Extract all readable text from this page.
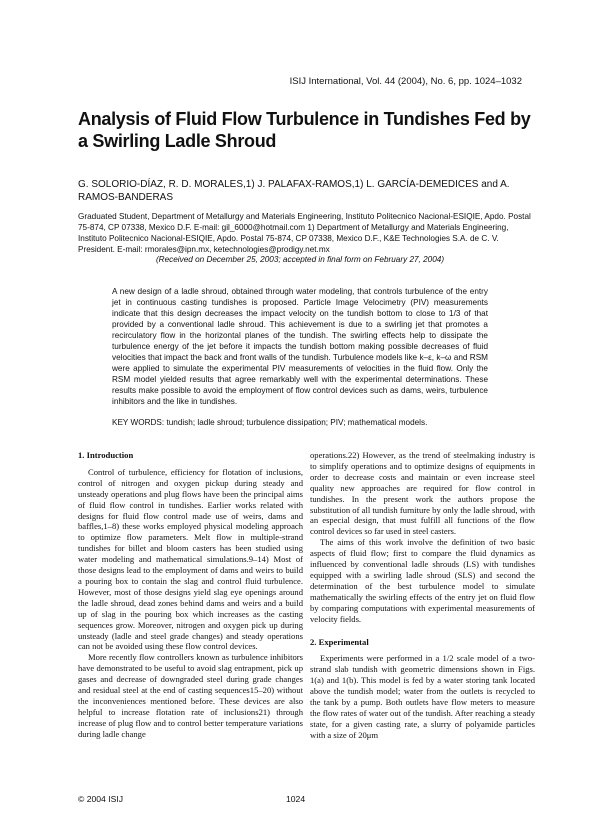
ISIJ International, Vol. 44 (2004), No. 6, pp. 1024–1032
Analysis of Fluid Flow Turbulence in Tundishes Fed by a Swirling Ladle Shroud
G. SOLORIO-DÍAZ, R. D. MORALES,1) J. PALAFAX-RAMOS,1) L. GARCÍA-DEMEDICES and A. RAMOS-BANDERAS
Graduated Student, Department of Metallurgy and Materials Engineering, Instituto Politecnico Nacional-ESIQIE, Apdo. Postal 75-874, CP 07338, Mexico D.F. E-mail: gil_6000@hotmail.com 1) Department of Metallurgy and Materials Engineering, Instituto Politecnico Nacional-ESIQIE, Apdo. Postal 75-874, CP 07338, Mexico D.F., K&E Technologies S.A. de C. V. President. E-mail: rmorales@ipn.mx, ketechnologies@prodigy.net.mx
(Received on December 25, 2003; accepted in final form on February 27, 2004)
A new design of a ladle shroud, obtained through water modeling, that controls turbulence of the entry jet in continuous casting tundishes is proposed. Particle Image Velocimetry (PIV) measurements indicate that this design decreases the impact velocity on the tundish bottom to close to 1/3 of that provided by a conventional ladle shroud. This achievement is due to a swirling jet that promotes a recirculatory flow in the horizontal planes of the tundish. The swirling effects help to dissipate the turbulence energy of the jet before it impacts the tundish bottom making possible decreases of fluid velocities that impact the back and front walls of the tundish. Turbulence models like k–ε, k–ω and RSM were applied to simulate the experimental PIV measurements of velocities in the fluid flow. Only the RSM model yielded results that agree remarkably well with the experimental determinations. These results make possible to avoid the employment of flow control devices such as dams, weirs, turbulence inhibitors and the like in tundishes.
KEY WORDS: tundish; ladle shroud; turbulence dissipation; PIV; mathematical models.
1. Introduction

Control of turbulence, efficiency for flotation of inclusions, control of nitrogen and oxygen pickup during steady and unsteady operations and plug flows have been the principal aims of fluid flow control in tundishes. Earlier works related with designs for fluid flow control made use of weirs, dams and baffles,1–8) these works employed physical modeling approach to optimize flow parameters. Melt flow in multiple-strand tundishes for billet and bloom casters has been studied using water modeling and mathematical simulations.9–14) Most of those designs lead to the employment of dams and weirs to build a pouring box to contain the slag and control fluid turbulence. However, most of those designs yield slag eye openings around the ladle shroud, dead zones behind dams and weirs and a build up of slag in the pouring box which increases as the casting sequences grow. Moreover, nitrogen and oxygen pick up during unsteady (ladle and steel grade changes) and steady operations can not be avoided using these flow control devices.

More recently flow controllers known as turbulence inhibitors have demonstrated to be useful to avoid slag entrapment, pick up gases and decrease of downgraded steel during grade changes and residual steel at the end of casting sequences15–20) without the inconveniences mentioned before. These devices are also helpful to increase flotation rate of inclusions21) through increase of plug flow and to control better temperature variations during ladle change

operations.22) However, as the trend of steelmaking industry is to simplify operations and to optimize designs of equipments in order to decrease costs and maintain or even increase steel quality new approaches are required for flow control in tundishes. In the present work the authors propose the substitution of all tundish furniture by only the ladle shroud, with an especial design, that must fulfill all functions of the flow control devices so far used in steel casters.

The aims of this work involve the definition of two basic aspects of fluid flow; first to compare the fluid dynamics as influenced by conventional ladle shrouds (LS) with tundishes equipped with a swirling ladle shroud (SLS) and second the determination of the best turbulence model to simulate mathematically the swirling effects of the entry jet on fluid flow by comparing computations with experimental measurements of velocity fields.

2. Experimental

Experiments were performed in a 1/2 scale model of a two-strand slab tundish with geometric dimensions shown in Figs. 1(a) and 1(b). This model is fed by a water storing tank located above the tundish model; water from the outlets is recycled to the tank by a pump. Both outlets have flow meters to measure the flow rates of water out of the tundish. After reaching a steady state, for a given casting rate, a slurry of polyamide particles with a size of 20μm

© 2004 ISIJ	1024
